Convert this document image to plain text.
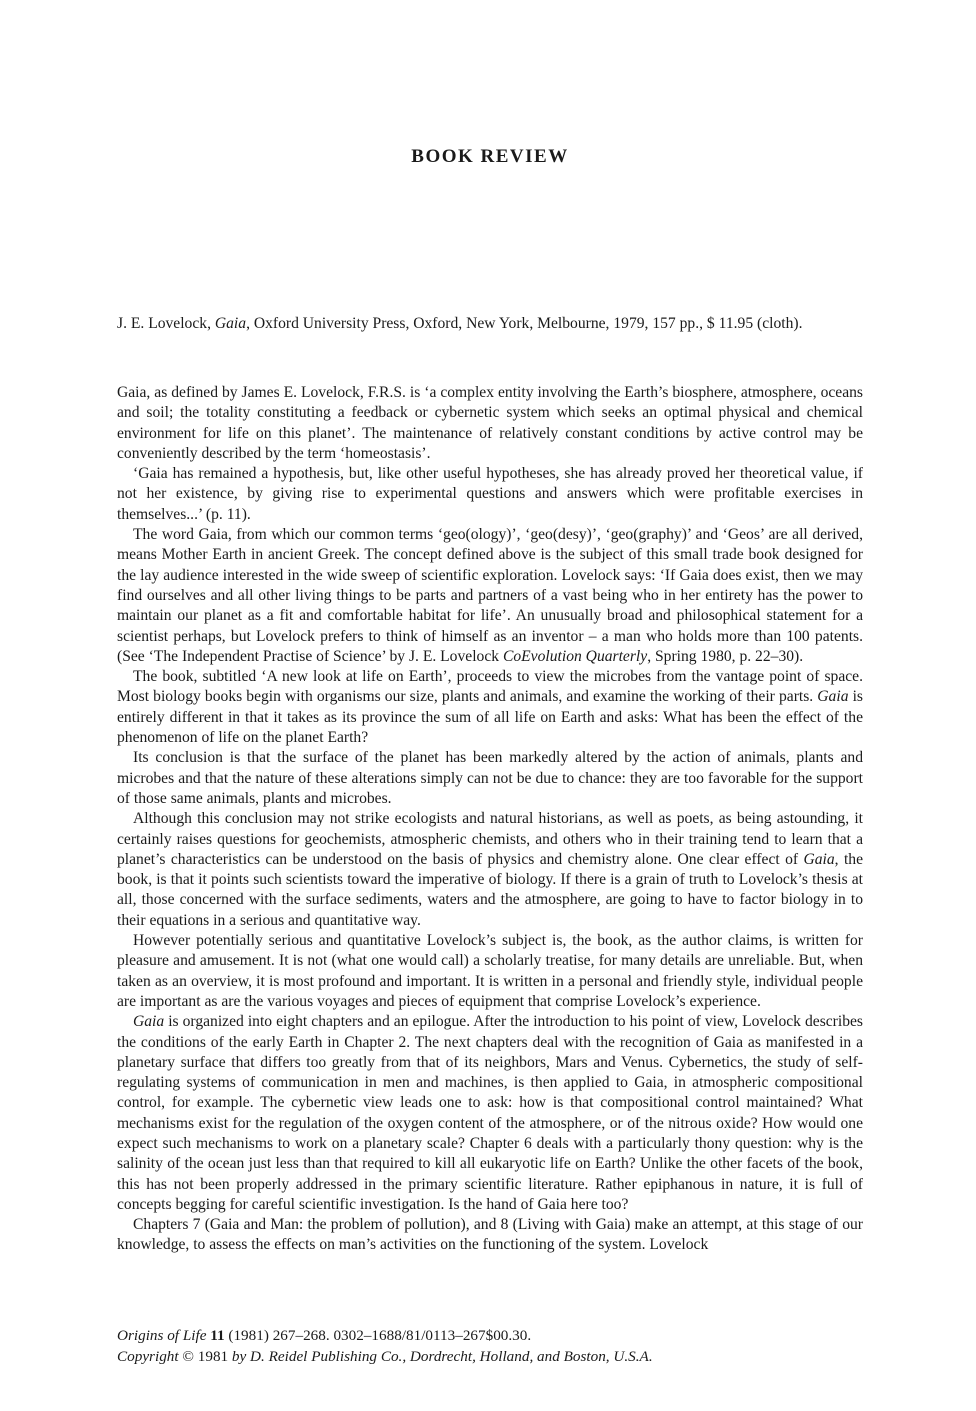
BOOK REVIEW
J. E. Lovelock, Gaia, Oxford University Press, Oxford, New York, Melbourne, 1979, 157 pp., $ 11.95 (cloth).

Gaia, as defined by James E. Lovelock, F.R.S. is ‘a complex entity involving the Earth’s biosphere, atmosphere, oceans and soil; the totality constituting a feedback or cybernetic system which seeks an optimal physical and chemical environment for life on this planet’. The maintenance of relatively constant conditions by active control may be conveniently described by the term ‘homeostasis’.

‘Gaia has remained a hypothesis, but, like other useful hypotheses, she has already proved her theoretical value, if not her existence, by giving rise to experimental questions and answers which were profitable exercises in themselves...’ (p. 11).

The word Gaia, from which our common terms ‘geo(ology)’, ‘geo(desy)’, ‘geo(graphy)’ and ‘Geos’ are all derived, means Mother Earth in ancient Greek. The concept defined above is the subject of this small trade book designed for the lay audience interested in the wide sweep of scientific exploration. Lovelock says: ‘If Gaia does exist, then we may find ourselves and all other living things to be parts and partners of a vast being who in her entirety has the power to maintain our planet as a fit and comfortable habitat for life’. An unusually broad and philosophical statement for a scientist perhaps, but Lovelock prefers to think of himself as an inventor – a man who holds more than 100 patents. (See ‘The Independent Practise of Science’ by J. E. Lovelock CoEvolution Quarterly, Spring 1980, p. 22–30).

The book, subtitled ‘A new look at life on Earth’, proceeds to view the microbes from the vantage point of space. Most biology books begin with organisms our size, plants and animals, and examine the working of their parts. Gaia is entirely different in that it takes as its province the sum of all life on Earth and asks: What has been the effect of the phenomenon of life on the planet Earth?

Its conclusion is that the surface of the planet has been markedly altered by the action of animals, plants and microbes and that the nature of these alterations simply can not be due to chance: they are too favorable for the support of those same animals, plants and microbes.

Although this conclusion may not strike ecologists and natural historians, as well as poets, as being astounding, it certainly raises questions for geochemists, atmospheric chemists, and others who in their training tend to learn that a planet’s characteristics can be understood on the basis of physics and chemistry alone. One clear effect of Gaia, the book, is that it points such scientists toward the imperative of biology. If there is a grain of truth to Lovelock’s thesis at all, those concerned with the surface sediments, waters and the atmosphere, are going to have to factor biology in to their equations in a serious and quantitative way.

However potentially serious and quantitative Lovelock’s subject is, the book, as the author claims, is written for pleasure and amusement. It is not (what one would call) a scholarly treatise, for many details are unreliable. But, when taken as an overview, it is most profound and important. It is written in a personal and friendly style, individual people are important as are the various voyages and pieces of equipment that comprise Lovelock’s experience.

Gaia is organized into eight chapters and an epilogue. After the introduction to his point of view, Lovelock describes the conditions of the early Earth in Chapter 2. The next chapters deal with the recognition of Gaia as manifested in a planetary surface that differs too greatly from that of its neighbors, Mars and Venus. Cybernetics, the study of self-regulating systems of communication in men and machines, is then applied to Gaia, in atmospheric compositional control, for example. The cybernetic view leads one to ask: how is that compositional control maintained? What mechanisms exist for the regulation of the oxygen content of the atmosphere, or of the nitrous oxide? How would one expect such mechanisms to work on a planetary scale? Chapter 6 deals with a particularly thony question: why is the salinity of the ocean just less than that required to kill all eukaryotic life on Earth? Unlike the other facets of the book, this has not been properly addressed in the primary scientific literature. Rather epiphanous in nature, it is full of concepts begging for careful scientific investigation. Is the hand of Gaia here too?

Chapters 7 (Gaia and Man: the problem of pollution), and 8 (Living with Gaia) make an attempt, at this stage of our knowledge, to assess the effects on man’s activities on the functioning of the system. Lovelock

Origins of Life 11 (1981) 267–268. 0302–1688/81/0113–267$00.30.
Copyright © 1981 by D. Reidel Publishing Co., Dordrecht, Holland, and Boston, U.S.A.
